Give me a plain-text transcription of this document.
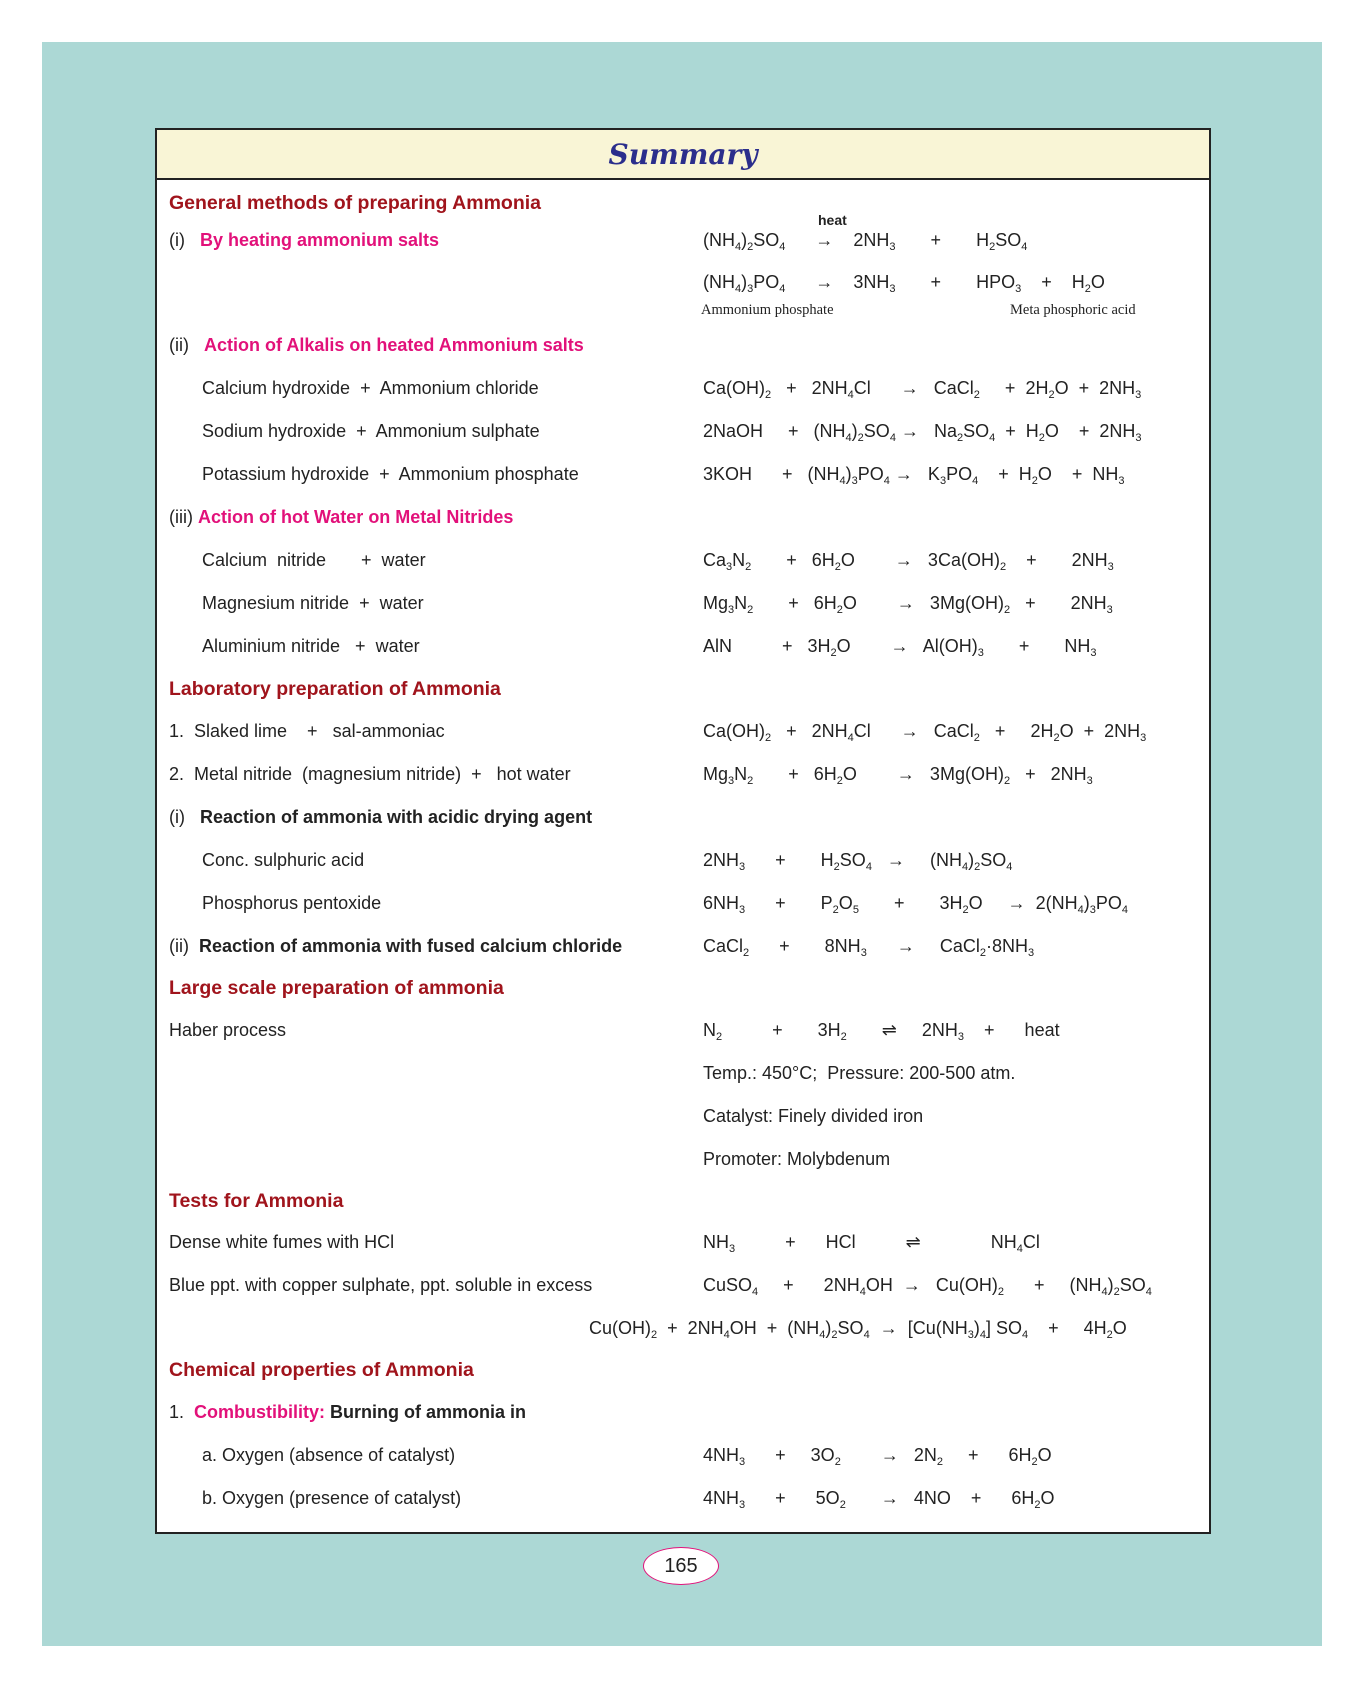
Summary
General methods of preparing Ammonia
(i)   By heating ammonium salts
heat
$(NH_4)_2SO_4$      →    $2NH_3$       +       $H_2SO_4$
$(NH_4)_3PO_4$      →    $3NH_3$       +       $HPO_3$    +    $H_2O$
Ammonium phosphate	Meta phosphoric acid
(ii)   Action of Alkalis on heated Ammonium salts
Calcium hydroxide  +  Ammonium chloride	$Ca(OH)_2 + 2NH_4Cl$      →   CaCl$_2$     +  $2H_2O + 2NH_3$
Sodium hydroxide  +  Ammonium sulphate	2NaOH     +   $(NH_4)_2SO_4 \to Na_2SO_4 + H_2O$    +  $2NH_3$
Potassium hydroxide  +  Ammonium phosphate	3KOH      +   $(NH_4)_3PO_4 \to K_3PO_4$    +  $H_2O$    +  $NH_3$
(iii) Action of hot Water on Metal Nitrides
Calcium  nitride       +  water	$Ca_3N_2$       +   $6H_2O$        →   $3Ca(OH)_2$    +       $2NH_3$
Magnesium nitride  +  water	$Mg_3N_2$       +   $6H_2O$        →   $3Mg(OH)_2$   +       $2NH_3$
Aluminium nitride   +  water	AlN          +   $3H_2O$        →   $Al(OH)_3$       +       $NH_3$
Laboratory preparation of Ammonia
1.  Slaked lime    +   sal-ammoniac	$Ca(OH)_2 + 2NH_4Cl$      →   CaCl$_2$   +     $2H_2O + 2NH_3$
2.  Metal nitride  (magnesium nitride)  +   hot water	$Mg_3N_2$       +   $6H_2O$        →   $3Mg(OH)_2 + 2NH_3$
(i)   Reaction of ammonia with acidic drying agent
Conc. sulphuric acid	$2NH_3$      +       $H_2SO_4$   →     $(NH_4)_2SO_4$
Phosphorus pentoxide	$6NH_3$      +       $P_2O_5$       +       $3H_2O$     →  $2(NH_4)_3PO_4$
(ii)  Reaction of ammonia with fused calcium chloride	CaCl$_2$      +       $8NH_3$      →     $CaCl_2\cdot 8NH_3$
Large scale preparation of ammonia
Haber process	$N_2$          +       $3H_2$       ⇌     $2NH_3$    +      heat
Temp.: 450°C;  Pressure: 200-500 atm.
Catalyst: Finely divided iron
Promoter: Molybdenum
Tests for Ammonia
Dense white fumes with HCl	$NH_3$          +      HCl          ⇌              $NH_4Cl$
Blue ppt. with copper sulphate, ppt. soluble in excess	CuSO$_4$     +      $2NH_4OH \to Cu(OH)_2$      +     $(NH_4)_2SO_4$
$Cu(OH)_2 + 2NH_4OH + (NH_4)_2SO_4 \to [Cu(NH_3)_4]$ $SO_4$    +     $4H_2O$
Chemical properties of Ammonia
1.  Combustibility: Burning of ammonia in
a. Oxygen (absence of catalyst)	$4NH_3$      +     $3O_2$        →   $2N_2$     +      $6H_2O$
b. Oxygen (presence of catalyst)	$4NH_3$      +      $5O_2$       →   4NO    +      $6H_2O$
165
